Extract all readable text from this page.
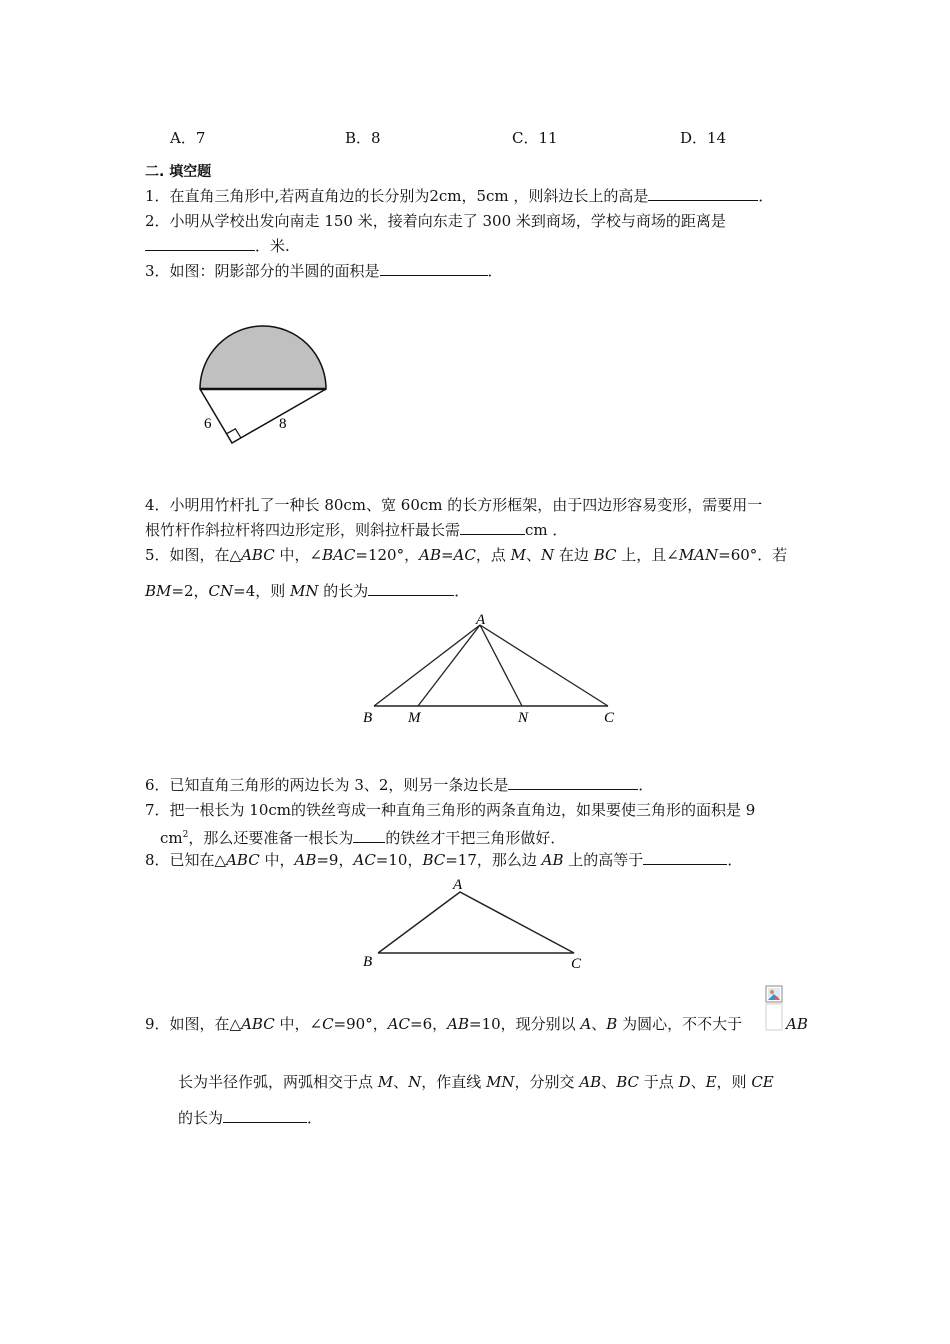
A．7	B．8	C．11	D．14
二. 填空题
1．在直角三角形中,若两直角边的长分别为2cm，5cm ，则斜边长上的高是	．
2．小明从学校出发向南走 150 米，接着向东走了 300 米到商场，学校与商场的距离是
．米.
3．如图：阴影部分的半圆的面积是	．
6	8
4．小明用竹杆扎了一种长 80cm、宽 60cm 的长方形框架，由于四边形容易变形，需要用一
根竹杆作斜拉杆将四边形定形，则斜拉杆最长需	cm ．
5．如图，在△ABC 中，∠BAC=120°，AB=AC，点 M、N 在边 BC 上，且∠MAN=60°．若
BM=2，CN=4，则 MN 的长为	．
A
B M	N	C
6．已知直角三角形的两边长为 3、2，则另一条边长是	．
7．把一根长为 10cm的铁丝弯成一种直角三角形的两条直角边，如果要使三角形的面积是 9
$cm^2$，那么还要准备一根长为 的铁丝才干把三角形做好．
8．已知在△ABC 中，AB=9，AC=10，BC=17，那么边 AB 上的高等于	．
A
B	C
9．如图，在△ABC 中，∠C=90°，AC=6，AB=10，现分别以 A、B 为圆心，不不大于	AB
长为半径作弧，两弧相交于点 M、N，作直线 MN，分别交 AB、BC 于点 D、E，则 CE
的长为	．
